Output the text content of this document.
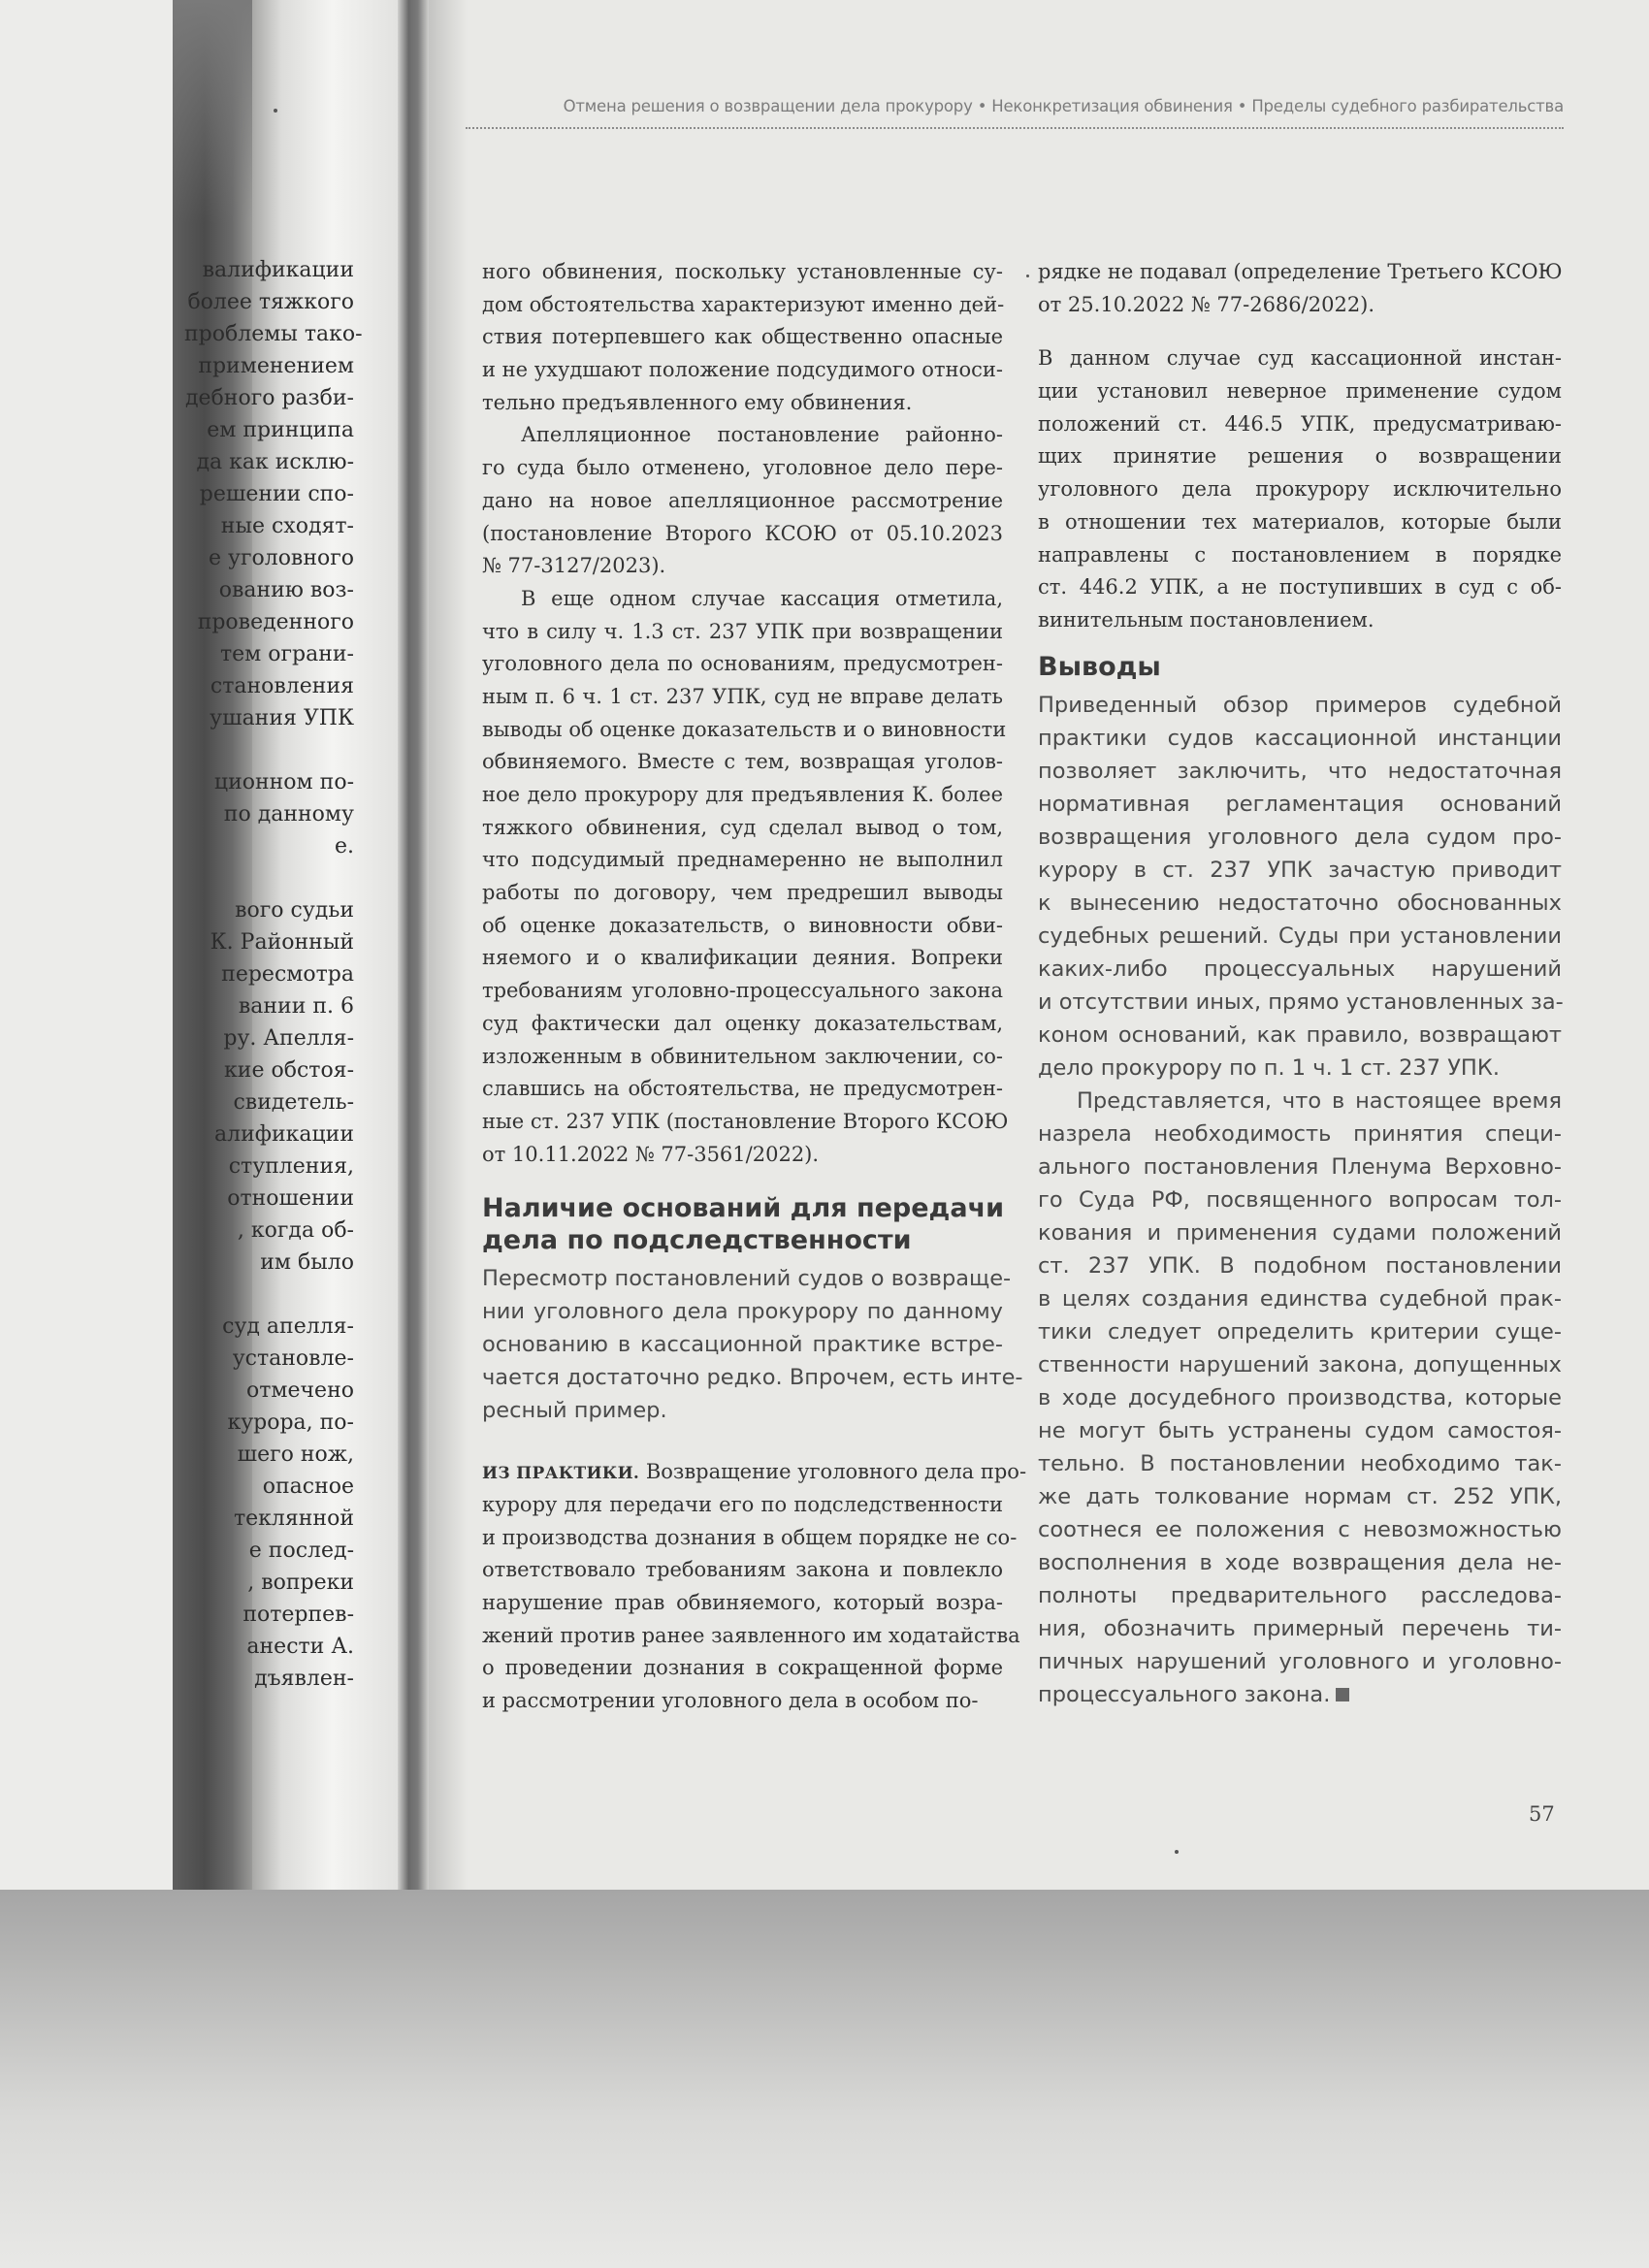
валификации
более тяжкого
проблемы тако-
применением
дебного разби-
ем принципа
да как исклю-
решении спо-
ные сходят-
е уголовного
ованию воз-
проведенного
тем ограни-
становления
ушания УПК
ционном по-
по данному
е.
вого судьи
К. Районный
пересмотра
вании п. 6
ру. Апелля-
кие обстоя-
свидетель-
алификации
ступления,
отношении
, когда об-
им было
суд апелля-
установле-
отмечено
курора, по-
шего нож,
опасное
теклянной
е послед-
, вопреки
потерпев-
анести А.
дъявлен-
Отмена решения о возвращении дела прокурору • Неконкретизация обвинения • Пределы судебного разбирательства
ного обвинения, поскольку установленные су-
дом обстоятельства характеризуют именно дей-
ствия потерпевшего как общественно опасные
и не ухудшают положение подсудимого относи-
тельно предъявленного ему обвинения.
Апелляционное постановление районно-
го суда было отменено, уголовное дело пере-
дано на новое апелляционное рассмотрение
(постановление Второго КСОЮ от 05.10.2023
№ 77-3127/2023).
В еще одном случае кассация отметила,
что в силу ч. 1.3 ст. 237 УПК при возвращении
уголовного дела по основаниям, предусмотрен-
ным п. 6 ч. 1 ст. 237 УПК, суд не вправе делать
выводы об оценке доказательств и о виновности
обвиняемого. Вместе с тем, возвращая уголов-
ное дело прокурору для предъявления К. более
тяжкого обвинения, суд сделал вывод о том,
что подсудимый преднамеренно не выполнил
работы по договору, чем предрешил выводы
об оценке доказательств, о виновности обви-
няемого и о квалификации деяния. Вопреки
требованиям уголовно-процессуального закона
суд фактически дал оценку доказательствам,
изложенным в обвинительном заключении, со-
славшись на обстоятельства, не предусмотрен-
ные ст. 237 УПК (постановление Второго КСОЮ
от 10.11.2022 № 77-3561/2022).
Наличие оснований для передачи
дела по подследственности
Пересмотр постановлений судов о возвраще-
нии уголовного дела прокурору по данному
основанию в кассационной практике встре-
чается достаточно редко. Впрочем, есть инте-
ресный пример.
ИЗ ПРАКТИКИ. Возвращение уголовного дела про-
курору для передачи его по подследственности
и производства дознания в общем порядке не со-
ответствовало требованиям закона и повлекло
нарушение прав обвиняемого, который возра-
жений против ранее заявленного им ходатайства
о проведении дознания в сокращенной форме
и рассмотрении уголовного дела в особом по-
рядке не подавал (определение Третьего КСОЮ
от 25.10.2022 № 77-2686/2022).
В данном случае суд кассационной инстан-
ции установил неверное применение судом
положений ст. 446.5 УПК, предусматриваю-
щих принятие решения о возвращении
уголовного дела прокурору исключительно
в отношении тех материалов, которые были
направлены с постановлением в порядке
ст. 446.2 УПК, а не поступивших в суд с об-
винительным постановлением.
Выводы
Приведенный обзор примеров судебной
практики судов кассационной инстанции
позволяет заключить, что недостаточная
нормативная регламентация оснований
возвращения уголовного дела судом про-
курору в ст. 237 УПК зачастую приводит
к вынесению недостаточно обоснованных
судебных решений. Суды при установлении
каких-либо процессуальных нарушений
и отсутствии иных, прямо установленных за-
коном оснований, как правило, возвращают
дело прокурору по п. 1 ч. 1 ст. 237 УПК.
Представляется, что в настоящее время
назрела необходимость принятия специ-
ального постановления Пленума Верховно-
го Суда РФ, посвященного вопросам тол-
кования и применения судами положений
ст. 237 УПК. В подобном постановлении
в целях создания единства судебной прак-
тики следует определить критерии суще-
ственности нарушений закона, допущенных
в ходе досудебного производства, которые
не могут быть устранены судом самостоя-
тельно. В постановлении необходимо так-
же дать толкование нормам ст. 252 УПК,
соотнеся ее положения с невозможностью
восполнения в ходе возвращения дела не-
полноты предварительного расследова-
ния, обозначить примерный перечень ти-
пичных нарушений уголовного и уголовно-
процессуального закона.
57
